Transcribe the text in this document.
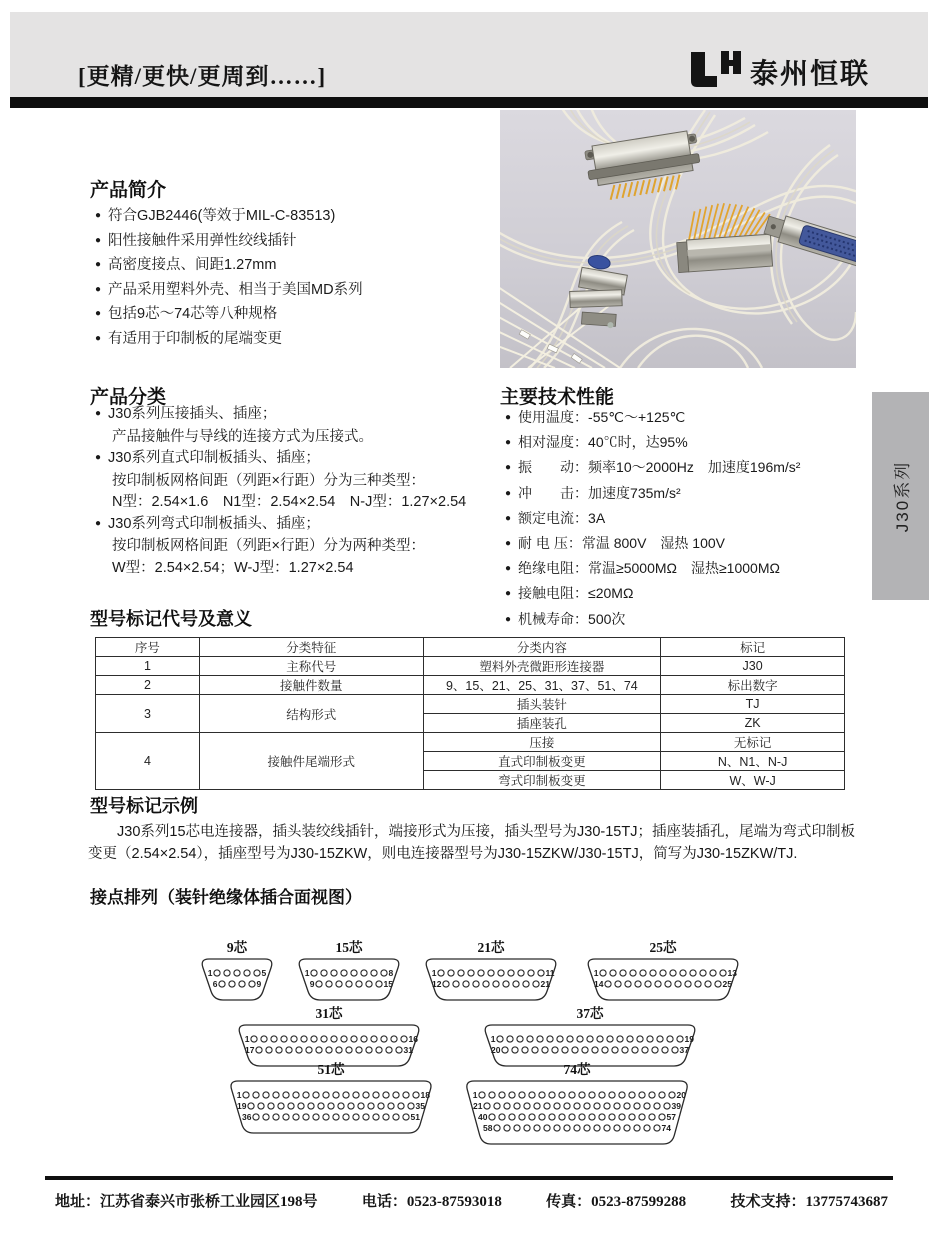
[更精/更快/更周到……]	泰州恒联
产品简介
● 符合GJB2446(等效于MIL-C-83513)
● 阳性接触件采用弹性绞线插针
● 高密度接点、间距1.27mm
● 产品采用塑料外壳、相当于美国MD系列
● 包括9芯～74芯等八种规格
● 有适用于印制板的尾端变更
产品分类
● J30系列压接插头、插座；
产品接触件与导线的连接方式为压接式。
● J30系列直式印制板插头、插座；
按印制板网格间距（列距×行距）分为三种类型：
N型：2.54×1.6　N1型：2.54×2.54　N-J型：1.27×2.54
● J30系列弯式印制板插头、插座；
按印制板网格间距（列距×行距）分为两种类型：
W型：2.54×2.54；W-J型：1.27×2.54
主要技术性能
● 使用温度： -55℃～+125℃
● 相对湿度： 40℃时，达95%
● 振　　动： 频率10～2000Hz　加速度196m/s²
● 冲　　击： 加速度735m/s²
● 额定电流： 3A
● 耐 电 压： 常温 800V　湿热 100V
● 绝缘电阻： 常温≥5000MΩ　湿热≥1000MΩ
● 接触电阻： ≤20MΩ
● 机械寿命： 500次
J30系列
型号标记代号及意义
序号	分类特征	分类内容	标记
1	主称代号	塑料外壳微距形连接器	J30
2	接触件数量	9、15、21、25、31、37、51、74	标出数字
3	结构形式	插头装针	TJ
		插座装孔	ZK
4	接触件尾端形式	压接	无标记
		直式印制板变更	N、N1、N-J
		弯式印制板变更	W、W-J
型号标记示例
J30系列15芯电连接器，插头装绞线插针，端接形式为压接，插头型号为J30-15TJ；插座装插孔，尾端为弯式印制板变更（2.54×2.54），插座型号为J30-15ZKW，则电连接器型号为J30-15ZKW/J30-15TJ，简写为J30-15ZKW/TJ.
接点排列（装针绝缘体插合面视图）
9芯
1	5
6	9
15芯
1	8
9	15
21芯
1	11
12	21
25芯
1	13
14	25
31芯
1	16
17	31
37芯
1	19
20	37
51芯
1	18
19	35
36	51
74芯
1	20
21	39
40	57
58	74
地址：江苏省泰兴市张桥工业园区198号	电话：0523-87593018	传真：0523-87599288	技术支持：13775743687
